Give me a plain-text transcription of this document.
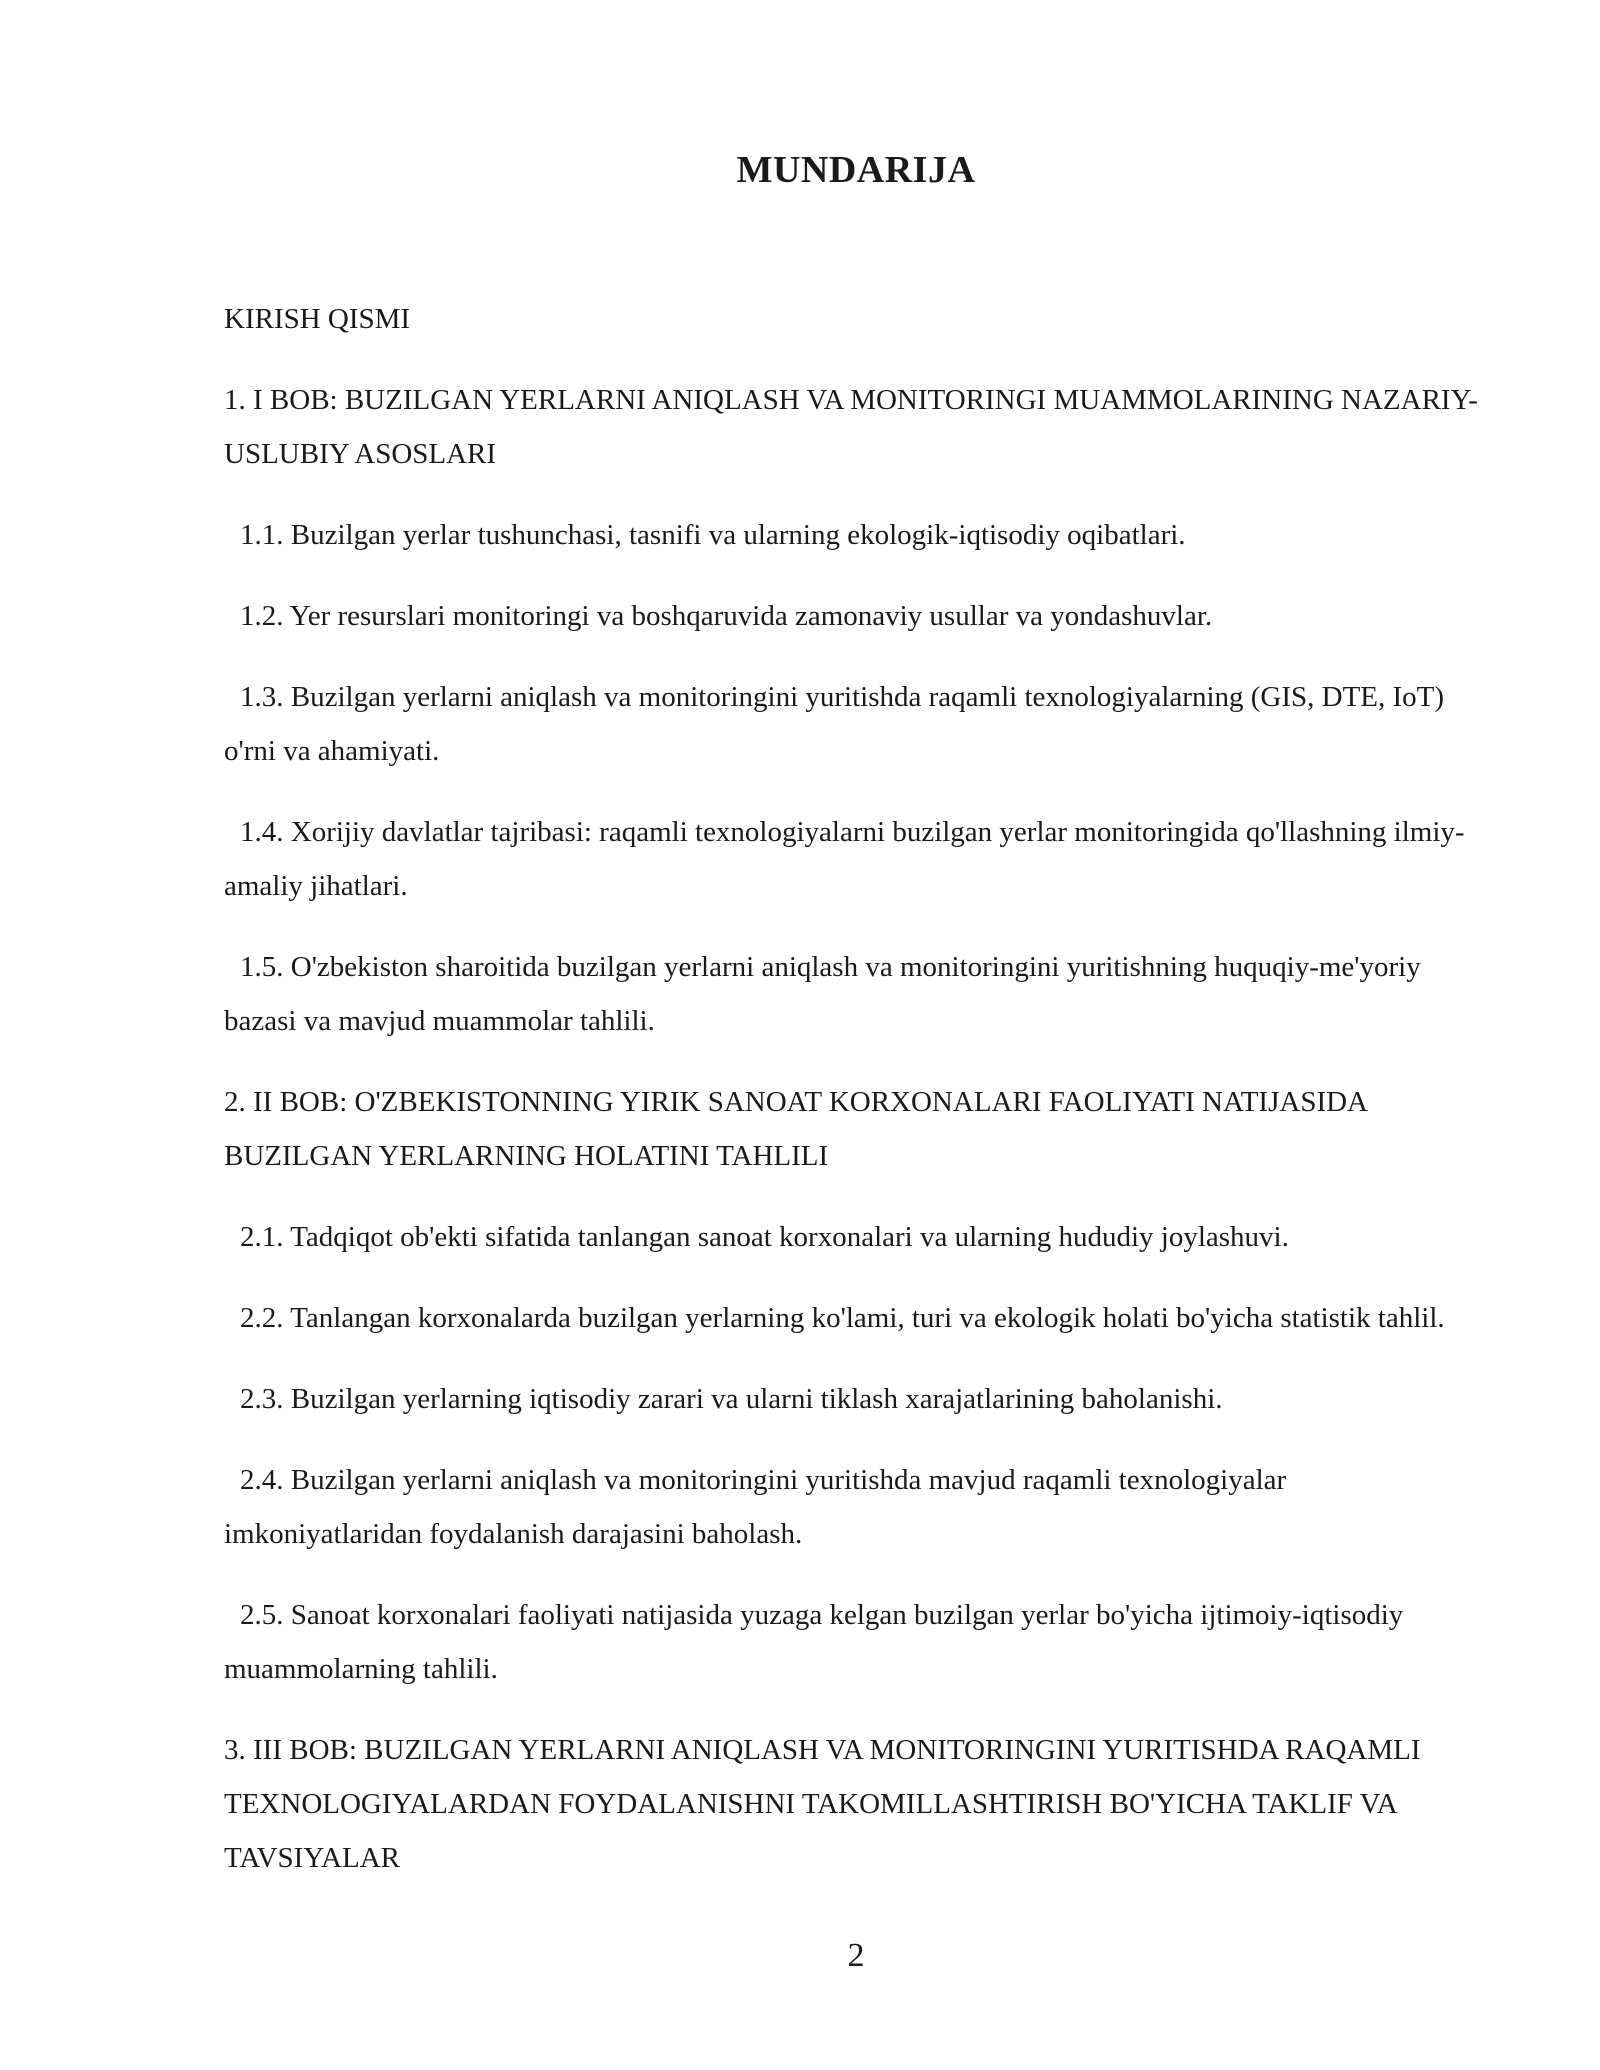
MUNDARIJA

KIRISH QISMI

1. I BOB: BUZILGAN YERLARNI ANIQLASH VA MONITORINGI MUAMMOLARINING NAZARIY-USLUBIY ASOSLARI

1.1. Buzilgan yerlar tushunchasi, tasnifi va ularning ekologik-iqtisodiy oqibatlari.

1.2. Yer resurslari monitoringi va boshqaruvida zamonaviy usullar va yondashuvlar.

1.3. Buzilgan yerlarni aniqlash va monitoringini yuritishda raqamli texnologiyalarning (GIS, DTE, IoT) o'rni va ahamiyati.

1.4. Xorijiy davlatlar tajribasi: raqamli texnologiyalarni buzilgan yerlar monitoringida qo'llashning ilmiy-amaliy jihatlari.

1.5. O'zbekiston sharoitida buzilgan yerlarni aniqlash va monitoringini yuritishning huquqiy-me'yoriy bazasi va mavjud muammolar tahlili.

2. II BOB: O'ZBEKISTONNING YIRIK SANOAT KORXONALARI FAOLIYATI NATIJASIDA BUZILGAN YERLARNING HOLATINI TAHLILI

2.1. Tadqiqot ob'ekti sifatida tanlangan sanoat korxonalari va ularning hududiy joylashuvi.

2.2. Tanlangan korxonalarda buzilgan yerlarning ko'lami, turi va ekologik holati bo'yicha statistik tahlil.

2.3. Buzilgan yerlarning iqtisodiy zarari va ularni tiklash xarajatlarining baholanishi.

2.4. Buzilgan yerlarni aniqlash va monitoringini yuritishda mavjud raqamli texnologiyalar imkoniyatlaridan foydalanish darajasini baholash.

2.5. Sanoat korxonalari faoliyati natijasida yuzaga kelgan buzilgan yerlar bo'yicha ijtimoiy-iqtisodiy muammolarning tahlili.

3. III BOB: BUZILGAN YERLARNI ANIQLASH VA MONITORINGINI YURITISHDA RAQAMLI TEXNOLOGIYALARDAN FOYDALANISHNI TAKOMILLASHTIRISH BO'YICHA TAKLIF VA TAVSIYALAR

2
